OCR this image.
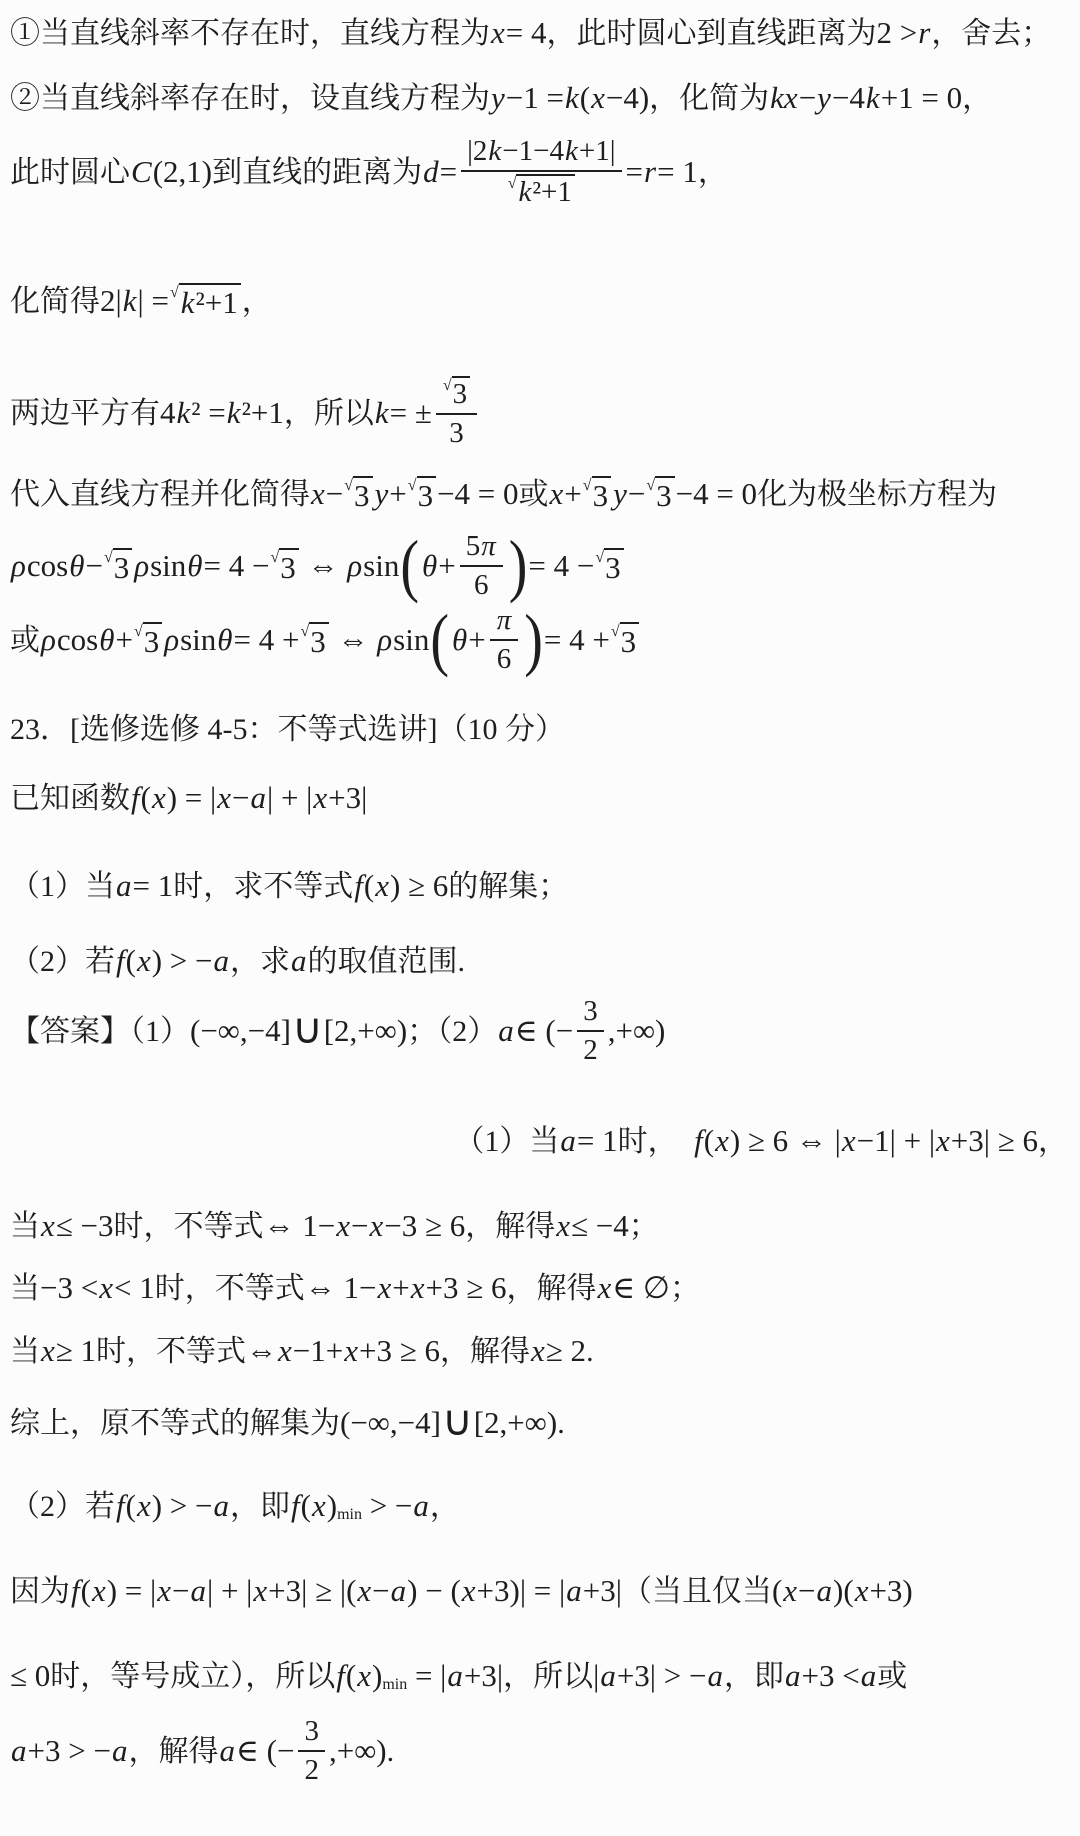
①当直线斜率不存在时，直线方程为 x = 4 ，此时圆心到直线距离为 2 > r ，舍去；
②当直线斜率存在时，设直线方程为 y −1 = k ( x −4) ，化简为 kx − y −4 k +1 = 0 ，
此时圆心 C (2,1) 到直线的距离为 $d = \frac{|2 k -1-4 k +1|}{\text{√ k ²+1}} = r = 1$ ，
化简得 2| k | = √ k ²+1 ，
两边平方有 4 k ² = k ²+1 ，所以 k = ± $\frac{√ 3}{3}$
代入直线方程并化简得 x − √ 3 y + √ 3 −4 = 0 或 x + √ 3 y − √ 3 −4 = 0 化为极坐标方程为
ρ cos θ − √ 3 ρ sin θ = 4 − √ 3 ⇔ ρ sin ( $\theta + \frac{5 \pi}{6}$ ) = 4 − √ 3
或 ρ cos θ + √ 3 ρ sin θ = 4 + √ 3 ⇔ ρ sin ( $\theta + \frac{\pi}{6}$ ) = 4 + √ 3
23．[选修选修 4-5：不等式选讲]（10 分）
已知函数 f ( x ) = | x − a | + | x +3|
（1）当 a = 1 时，求不等式 f ( x ) ≥ 6 的解集；
（2）若 f ( x ) > − a ，求 a 的取值范围.
【答案】（1） (−∞,−4] ∪ [2,+∞) ；（2） a ∈ (− $\frac{3}{2}$ ,+∞)
（1）当 a = 1 时，
f ( x ) ≥ 6 ⇔ | x −1| + | x +3| ≥ 6 ，
当 x ≤ −3 时，不等式 ⇔ 1− x − x −3 ≥ 6 ，解得 x ≤ −4 ；
当 −3 < x < 1 时，不等式 ⇔ 1− x + x +3 ≥ 6 ，解得 x ∈ ∅ ；
当 x ≥ 1 时，不等式 ⇔ x −1+ x +3 ≥ 6 ，解得 x ≥ 2 .
综上，原不等式的解集为 (−∞,−4] ∪ [2,+∞) .
（2）若 f ( x ) > − a ，即 f ( x ) min > − a ，
因为 f ( x ) = | x − a | + | x +3| ≥ |( x − a ) − ( x +3)| = | a +3| （当且仅当 ( x − a )( x +3)
≤ 0 时，等号成立），所以 f ( x ) min = | a +3| ，所以 | a +3| > − a ，即 a +3 < a 或
a +3 > − a ，解得 a ∈ (− $\frac{3}{2}$ ,+∞) .
